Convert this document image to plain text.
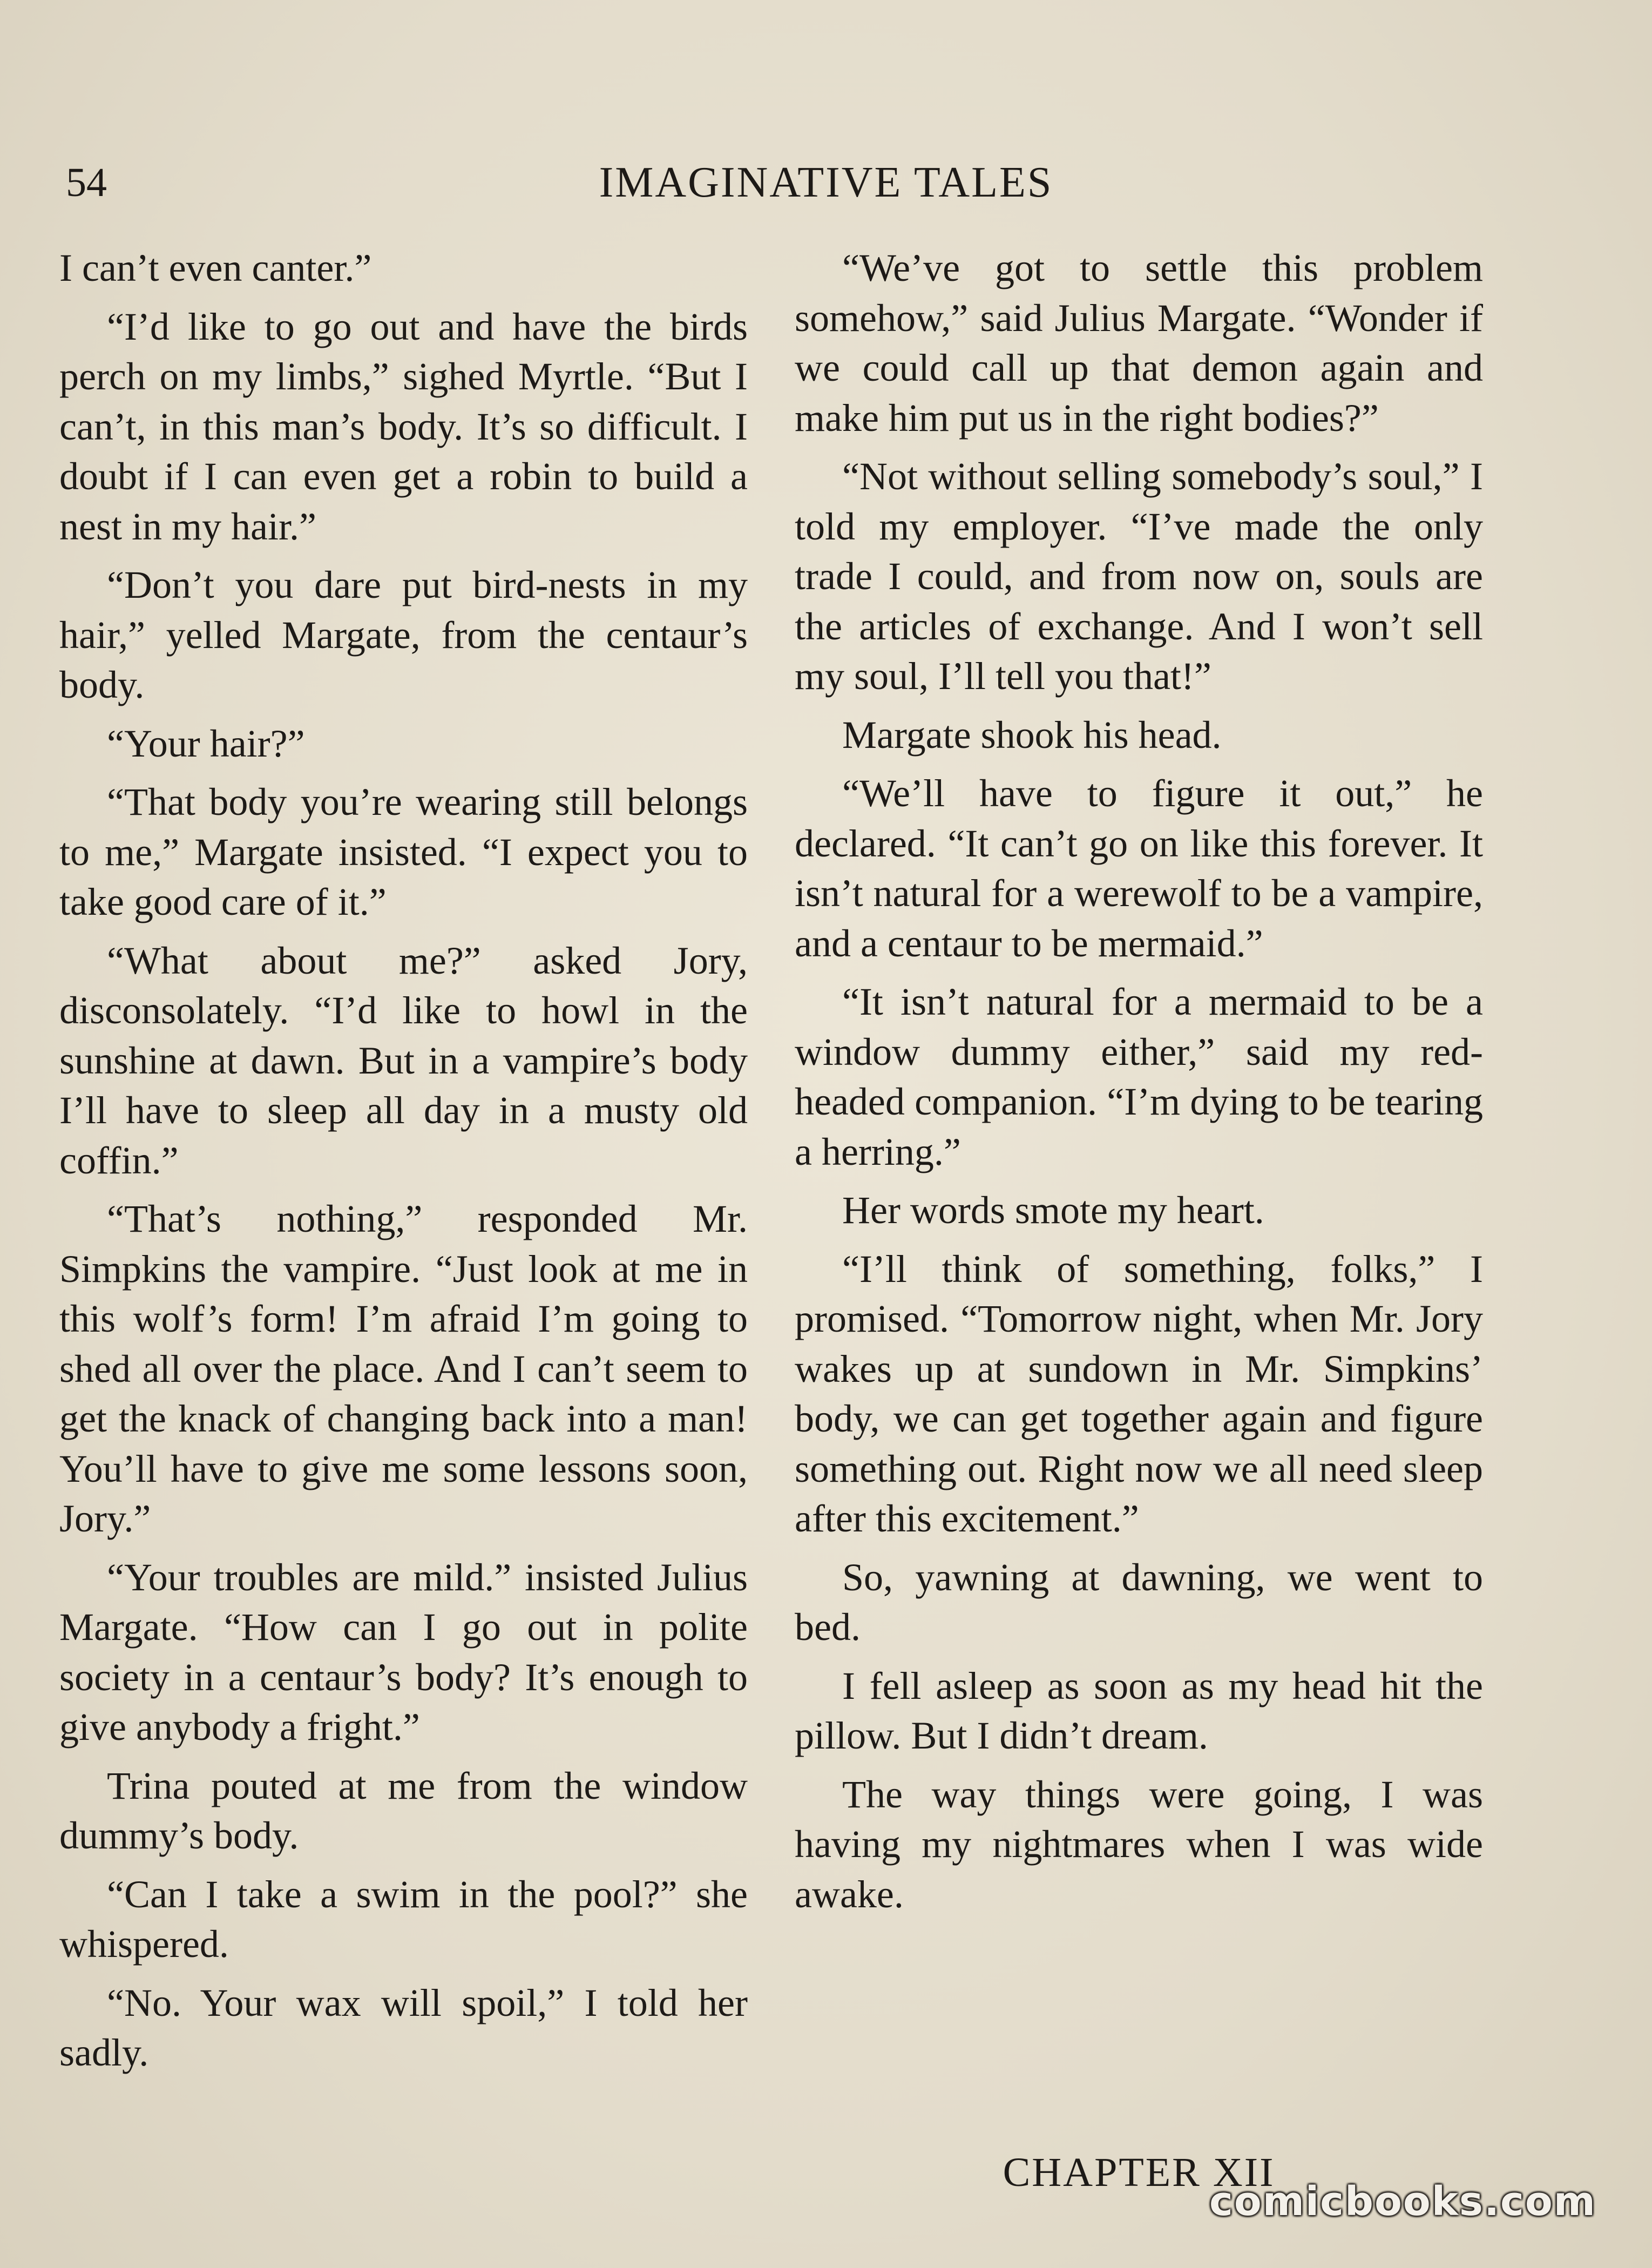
54	IMAGINATIVE TALES

I can’t even canter.”

“I’d like to go out and have the birds perch on my limbs,” sighed Myrtle. “But I can’t, in this man’s body. It’s so difficult. I doubt if I can even get a robin to build a nest in my hair.”

“Don’t you dare put bird-nests in my hair,” yelled Margate, from the centaur’s body.

“Your hair?”

“That body you’re wearing still belongs to me,” Margate insisted. “I expect you to take good care of it.”

“What about me?” asked Jory, disconsolately. “I’d like to howl in the sunshine at dawn. But in a vampire’s body I’ll have to sleep all day in a musty old coffin.”

“That’s nothing,” responded Mr. Simpkins the vampire. “Just look at me in this wolf’s form! I’m afraid I’m going to shed all over the place. And I can’t seem to get the knack of changing back into a man! You’ll have to give me some lessons soon, Jory.”

“Your troubles are mild.” insisted Julius Margate. “How can I go out in polite society in a centaur’s body? It’s enough to give anybody a fright.”

Trina pouted at me from the window dummy’s body.

“Can I take a swim in the pool?” she whispered.

“No. Your wax will spoil,” I told her sadly.

“We’ve got to settle this problem somehow,” said Julius Margate. “Wonder if we could call up that demon again and make him put us in the right bodies?”

“Not without selling somebody’s soul,” I told my employer. “I’ve made the only trade I could, and from now on, souls are the articles of exchange. And I won’t sell my soul, I’ll tell you that!”

Margate shook his head.

“We’ll have to figure it out,” he declared. “It can’t go on like this forever. It isn’t natural for a werewolf to be a vampire, and a centaur to be mermaid.”

“It isn’t natural for a mermaid to be a window dummy either,” said my red-headed companion. “I’m dying to be tearing a herring.”

Her words smote my heart.

“I’ll think of something, folks,” I promised. “Tomorrow night, when Mr. Jory wakes up at sundown in Mr. Simpkins’ body, we can get together again and figure something out. Right now we all need sleep after this excitement.”

So, yawning at dawning, we went to bed.

I fell asleep as soon as my head hit the pillow. But I didn’t dream.

The way things were going, I was having my nightmares when I was wide awake.

CHAPTER XII
comicbooks.com
